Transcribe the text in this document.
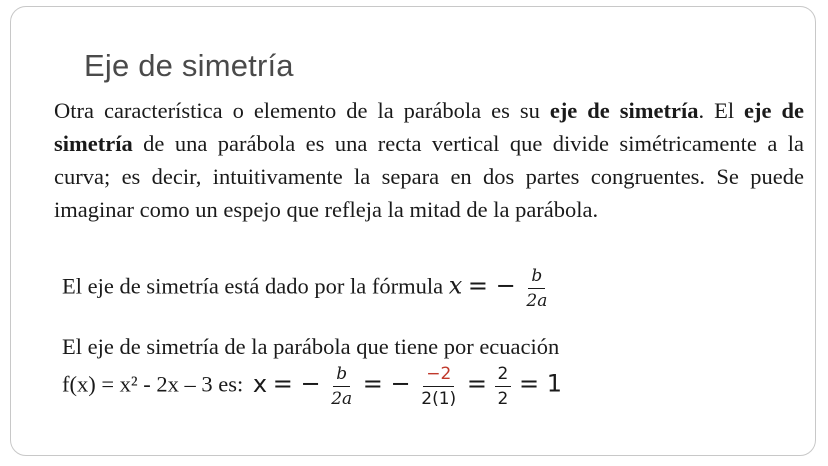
Eje de simetría
Otra característica o elemento de la parábola es su eje de simetría. El eje de simetría de una parábola es una recta vertical que divide simétricamente a la curva; es decir, intuitivamente la separa en dos partes congruentes. Se puede imaginar como un espejo que refleja la mitad de la parábola.
El eje de simetría está dado por la fórmula x = − $\frac{b}{2a}$
El eje de simetría de la parábola que tiene por ecuación
f(x) = x² - 2x – 3 es: x = − $\frac{b}{2a}$ = − $\frac{-2}{2(1)} = \frac{2}{2} = 1$
